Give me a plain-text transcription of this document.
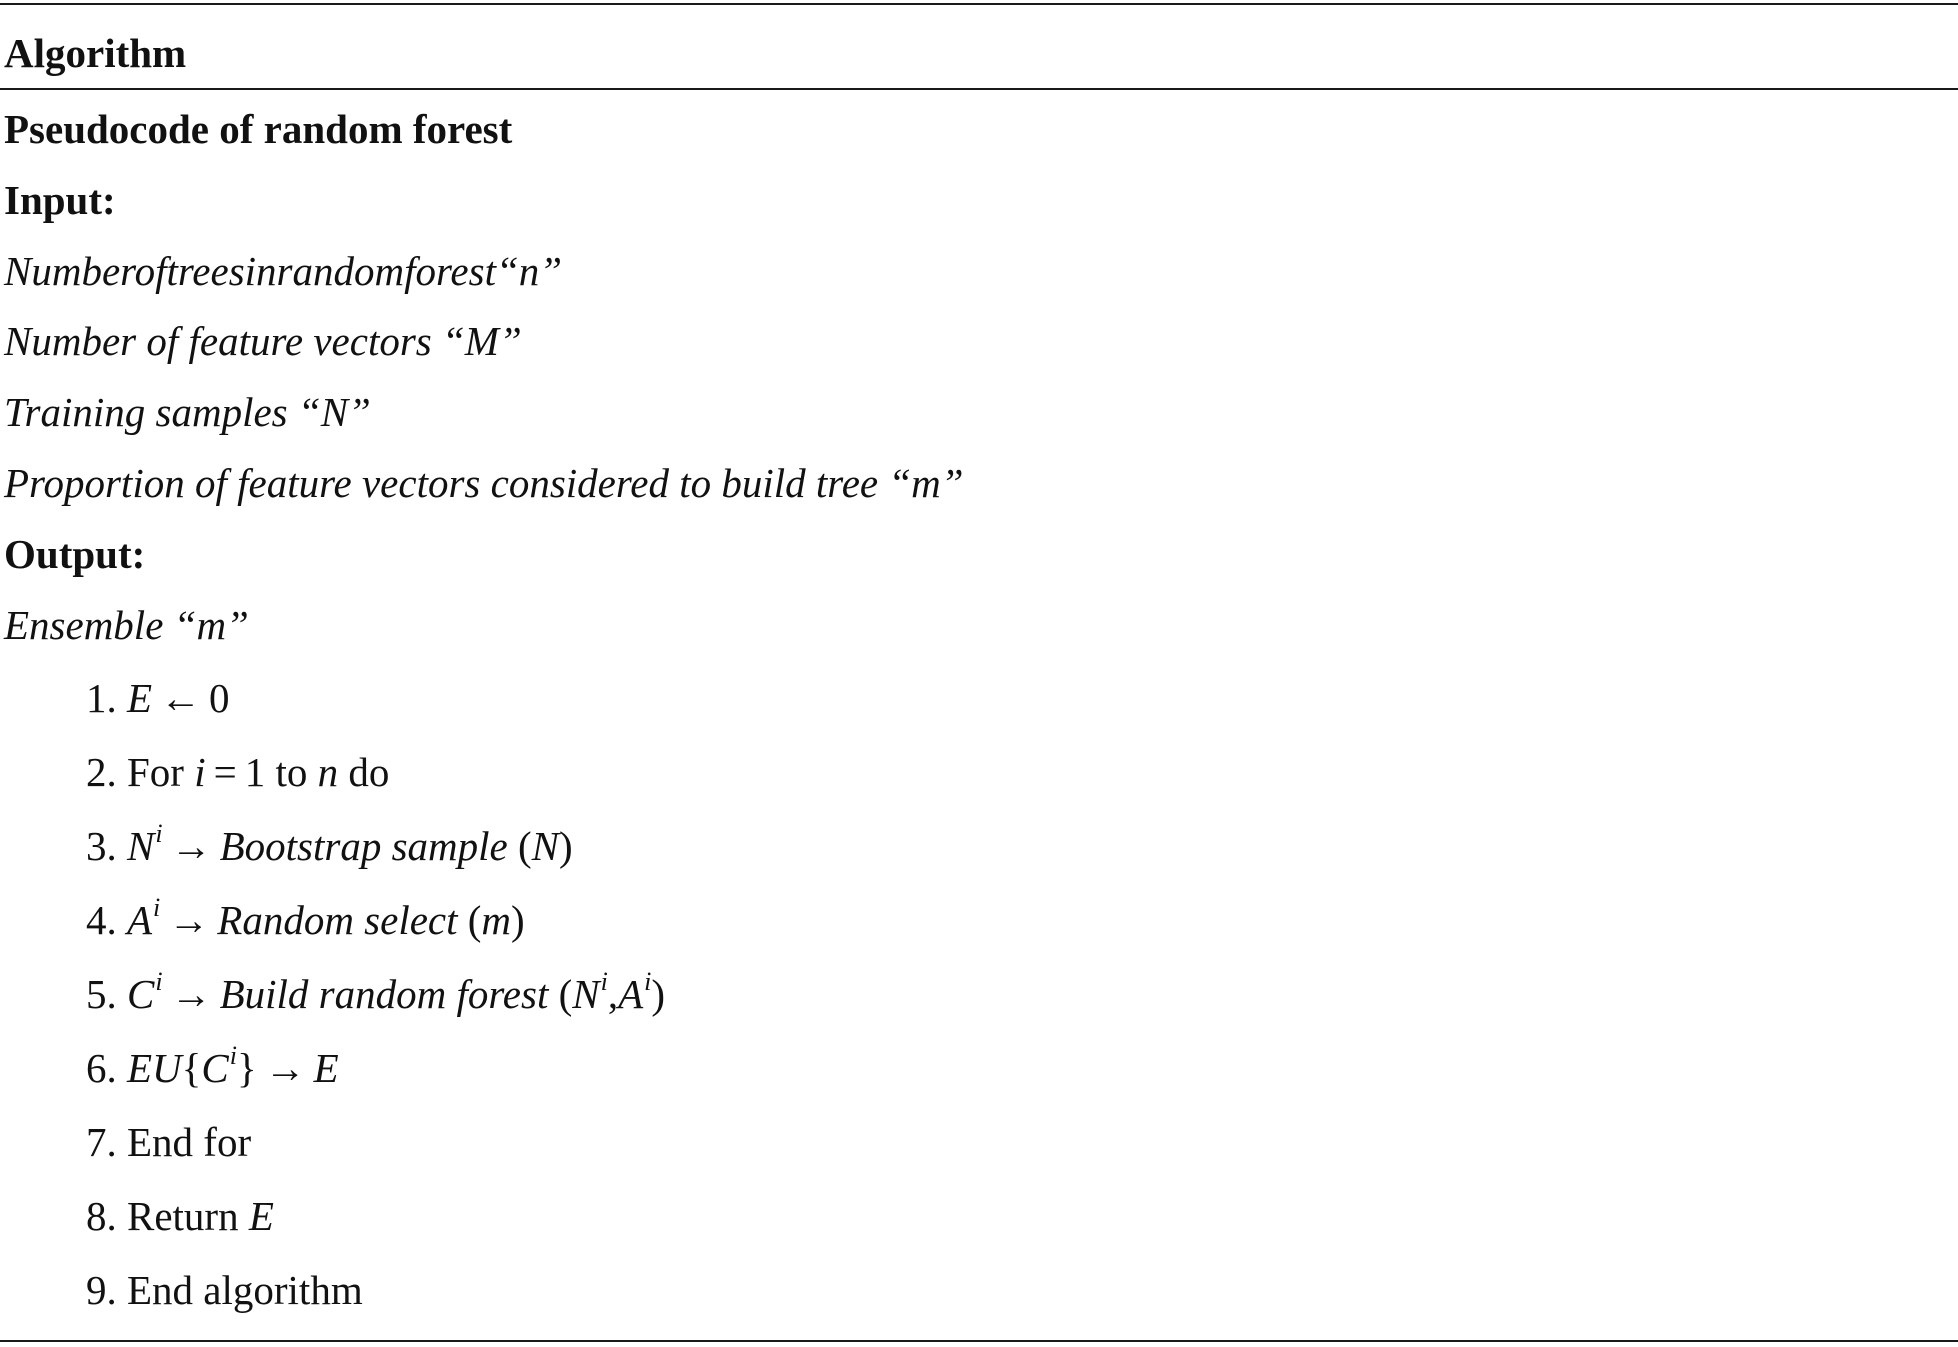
Algorithm
Pseudocode of random forest
Input:
Numberoftreesinrandomforest“n”
Number of feature vectors “M”
Training samples “N”
Proportion of feature vectors considered to build tree “m”
Output:
Ensemble “m”
1. E ← 0
2. For i = 1 to n do
3. $N^i$ → Bootstrap sample (N)
4. $A^i$ → Random select (m)
5. $C^i$ → Build random forest $(N^i,A^i)$
6. $EU\{C^i\} \to E$
7. End for
8. Return E
9. End algorithm
